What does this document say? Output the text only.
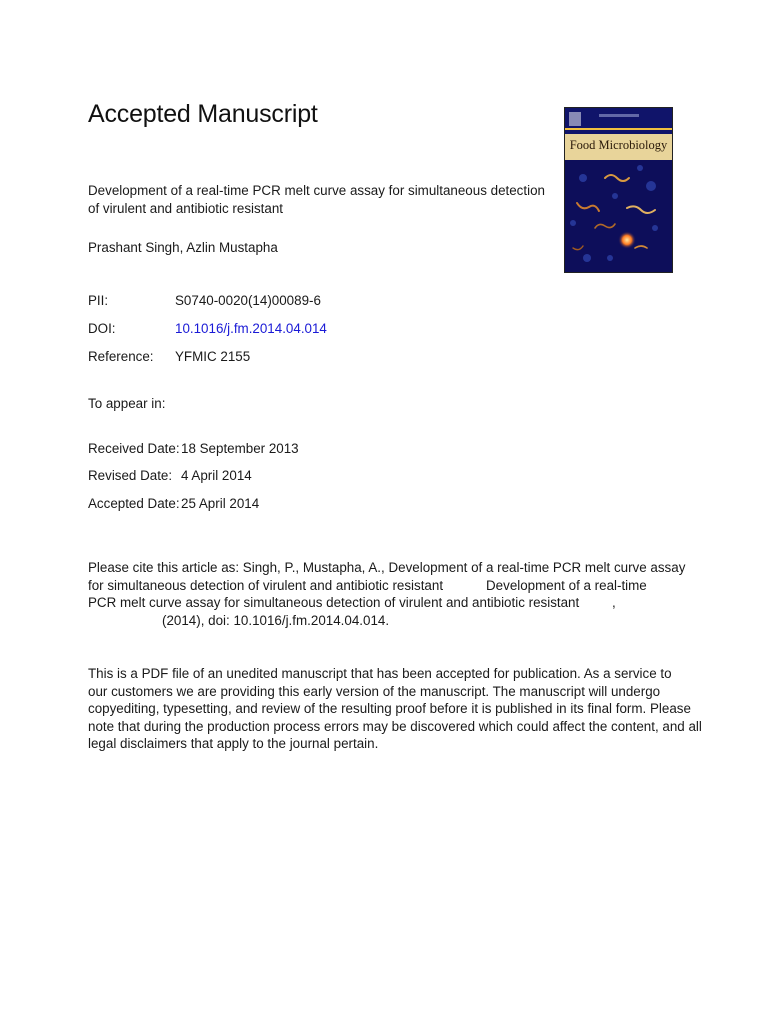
Accepted Manuscript

Development of a real-time PCR melt curve assay for simultaneous detection of virulent and antibiotic resistant

Prashant Singh, Azlin Mustapha

PII:	S0740-0020(14)00089-6
DOI:	10.1016/j.fm.2014.04.014
Reference: YFMIC 2155
To appear in:
Received Date: 18 September 2013
Revised Date: 4 April 2014
Accepted Date: 25 April 2014
Please cite this article as: Singh, P., Mustapha, A., Development of a real-time PCR melt curve assay
for simultaneous detection of virulent and antibiotic resistant	Development of a real-time
PCR melt curve assay for simultaneous detection of virulent and antibiotic resistant ,
(2014), doi: 10.1016/j.fm.2014.04.014.
This is a PDF file of an unedited manuscript that has been accepted for publication. As a service to
our customers we are providing this early version of the manuscript. The manuscript will undergo
copyediting, typesetting, and review of the resulting proof before it is published in its final form. Please
note that during the production process errors may be discovered which could affect the content, and all
legal disclaimers that apply to the journal pertain.
Food Microbiology
